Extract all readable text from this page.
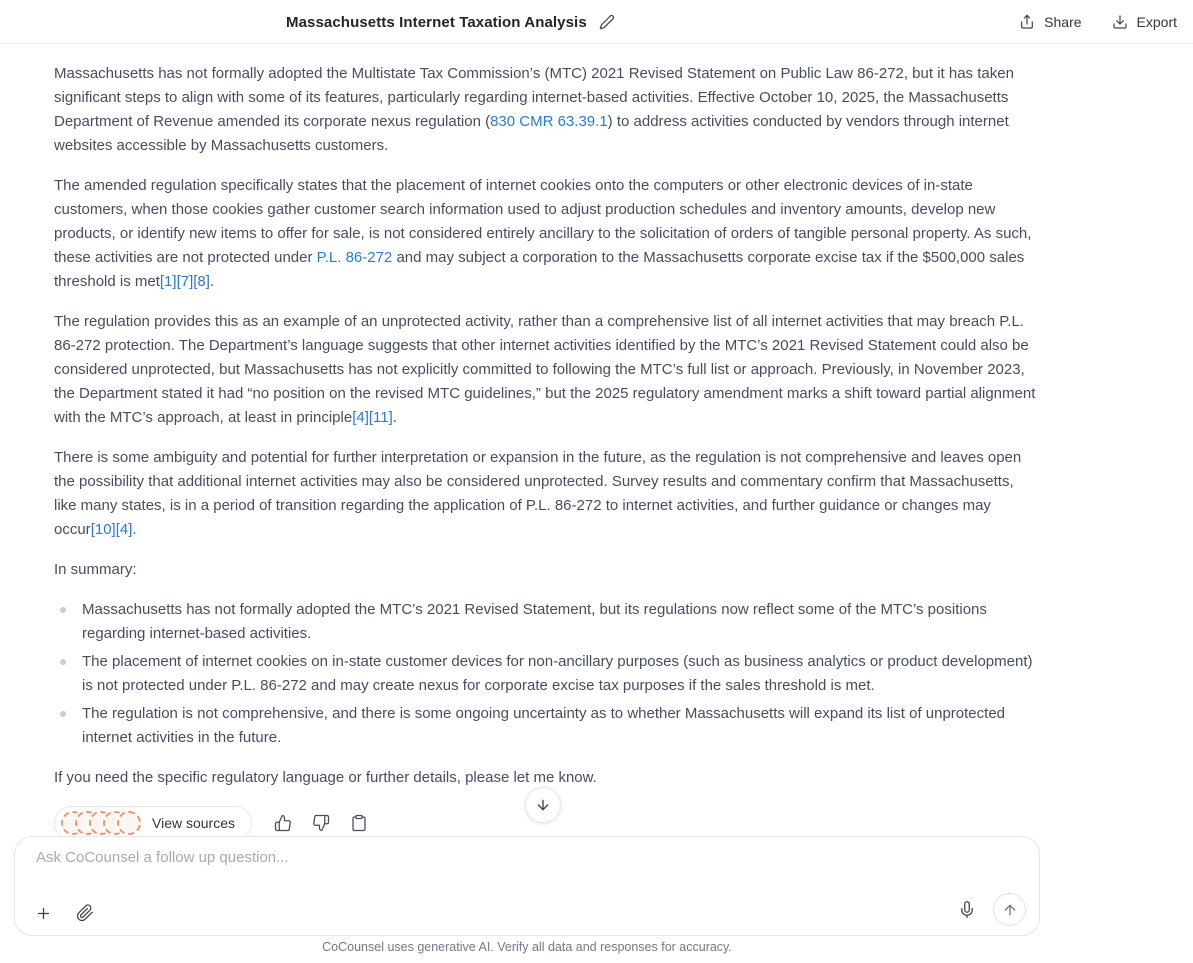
Massachusetts Internet Taxation Analysis	Share	Export

Massachusetts has not formally adopted the Multistate Tax Commission’s (MTC) 2021 Revised Statement on Public Law 86-272, but it has taken significant steps to align with some of its features, particularly regarding internet-based activities. Effective October 10, 2025, the Massachusetts Department of Revenue amended its corporate nexus regulation (830 CMR 63.39.1) to address activities conducted by vendors through internet websites accessible by Massachusetts customers.

The amended regulation specifically states that the placement of internet cookies onto the computers or other electronic devices of in-state customers, when those cookies gather customer search information used to adjust production schedules and inventory amounts, develop new products, or identify new items to offer for sale, is not considered entirely ancillary to the solicitation of orders of tangible personal property. As such, these activities are not protected under P.L. 86-272 and may subject a corporation to the Massachusetts corporate excise tax if the $500,000 sales threshold is met[1][7][8].

The regulation provides this as an example of an unprotected activity, rather than a comprehensive list of all internet activities that may breach P.L. 86-272 protection. The Department’s language suggests that other internet activities identified by the MTC’s 2021 Revised Statement could also be considered unprotected, but Massachusetts has not explicitly committed to following the MTC’s full list or approach. Previously, in November 2023, the Department stated it had “no position on the revised MTC guidelines,” but the 2025 regulatory amendment marks a shift toward partial alignment with the MTC’s approach, at least in principle[4][11].

There is some ambiguity and potential for further interpretation or expansion in the future, as the regulation is not comprehensive and leaves open the possibility that additional internet activities may also be considered unprotected. Survey results and commentary confirm that Massachusetts, like many states, is in a period of transition regarding the application of P.L. 86-272 to internet activities, and further guidance or changes may occur[10][4].

In summary:

Massachusetts has not formally adopted the MTC’s 2021 Revised Statement, but its regulations now reflect some of the MTC’s positions regarding internet-based activities.
The placement of internet cookies on in-state customer devices for non-ancillary purposes (such as business analytics or product development) is not protected under P.L. 86-272 and may create nexus for corporate excise tax purposes if the sales threshold is met.
The regulation is not comprehensive, and there is some ongoing uncertainty as to whether Massachusetts will expand its list of unprotected internet activities in the future.

If you need the specific regulatory language or further details, please let me know.

View sources
Ask CoCounsel a follow up question...
CoCounsel uses generative AI. Verify all data and responses for accuracy.
